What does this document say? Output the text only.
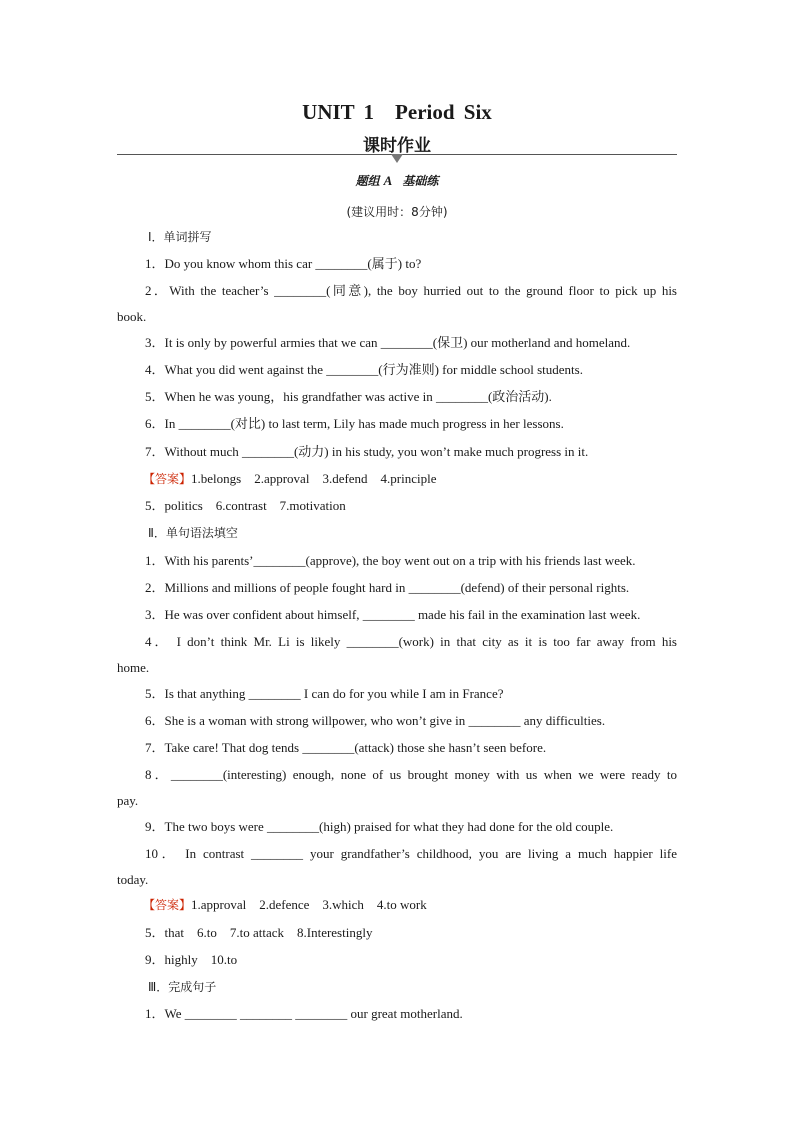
UNIT 1　Period Six
课时作业
题组 A 基础练
(建议用时：8分钟)
Ⅰ．单词拼写
1．Do you know whom this car ________(属于) to?
2．With the teacher’s ________(同意), the boy hurried out to the ground floor to pick up his
book.
3．It is only by powerful armies that we can ________(保卫) our motherland and homeland.
4．What you did went against the ________(行为准则) for middle school students.
5．When he was young，his grandfather was active in ________(政治活动).
6．In ________(对比) to last term, Lily has made much progress in her lessons.
7．Without much ________(动力) in his study, you won’t make much progress in it.
【答案】1.belongs　2.approval　3.defend　4.principle
5．politics　6.contrast　7.motivation
Ⅱ．单句语法填空
1．With his parents’________(approve), the boy went out on a trip with his friends last week.
2．Millions and millions of people fought hard in ________(defend) of their personal rights.
3．He was over confident about himself, ________ made his fail in the examination last week.
4． I don’t think Mr. Li is likely ________(work) in that city as it is too far away from his
home.
5．Is that anything ________ I can do for you while I am in France?
6．She is a woman with strong willpower, who won’t give in ________ any difficulties.
7．Take care! That dog tends ________(attack) those she hasn’t seen before.
8．________(interesting) enough, none of us brought money with us when we were ready to
pay.
9．The two boys were ________(high) praised for what they had done for the old couple.
10． In contrast ________ your grandfather’s childhood, you are living a much happier life
today.
【答案】1.approval　2.defence　3.which　4.to work
5．that　6.to　7.to attack　8.Interestingly
9．highly　10.to
Ⅲ．完成句子
1．We ________ ________ ________ our great motherland.
